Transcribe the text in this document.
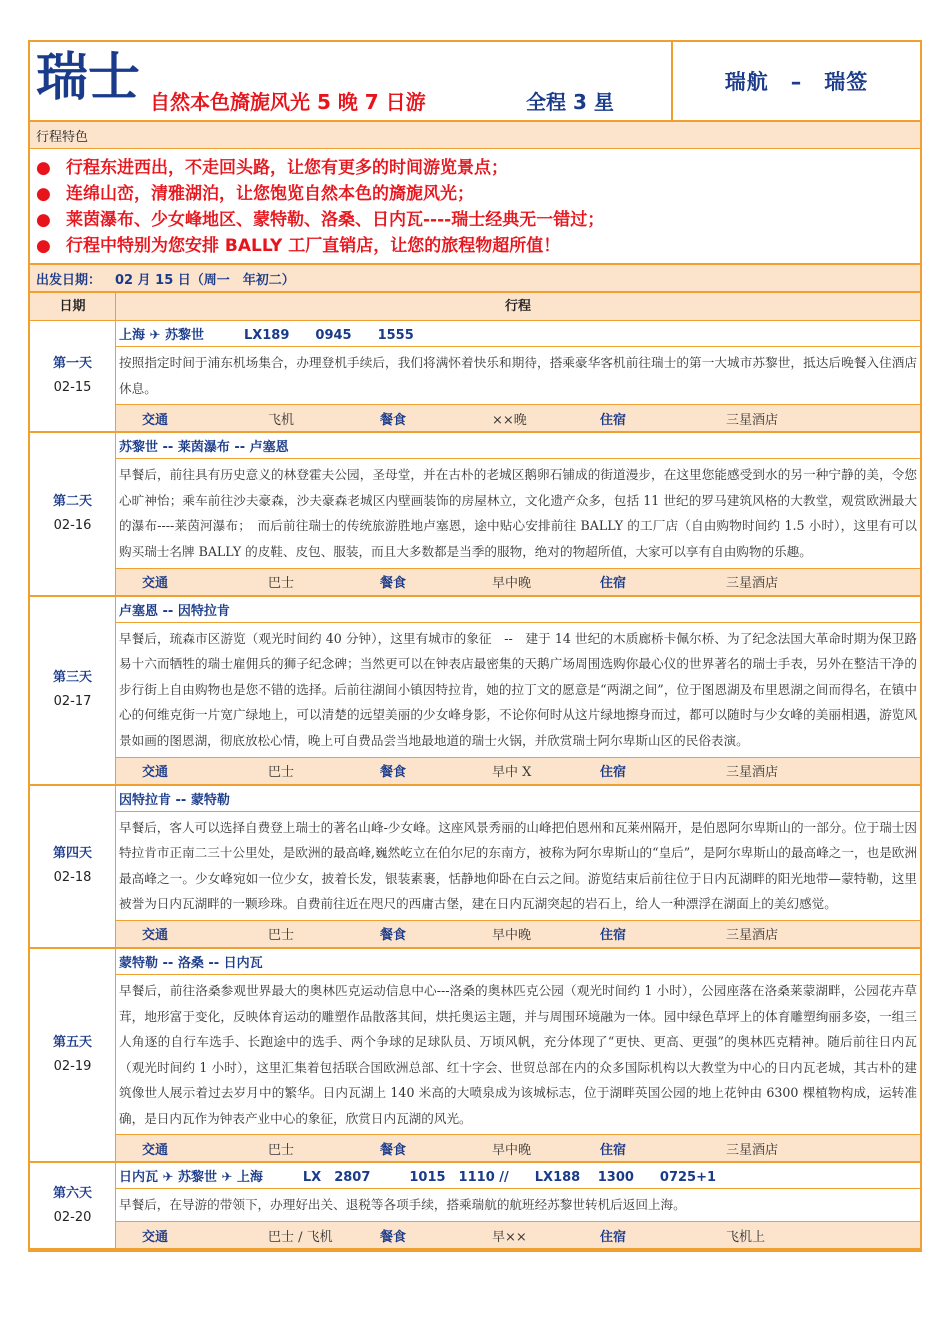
瑞士 自然本色旖旎风光 5 晚 7 日游	全程 3 星
瑞航　–　瑞签
行程特色
● 行程东进西出，不走回头路，让您有更多的时间游览景点；
● 连绵山峦，清雅湖泊，让您饱览自然本色的旖旎风光；
● 莱茵瀑布、少女峰地区、蒙特勒、洛桑、日内瓦----瑞士经典无一错过；
● 行程中特别为您安排 BALLY 工厂直销店，让您的旅程物超所值！
出发日期： 02 月 15 日（周一　年初二）
日期	行程
第一天
02-15
上海 ✈ 苏黎世	LX189　　0945　　1555
按照指定时间于浦东机场集合，办理登机手续后，我们将满怀着快乐和期待，搭乘豪华客机前往瑞士的第一大城市苏黎世，抵达后晚餐入住酒店休息。
交通	飞机	餐食	××晚	住宿	三星酒店
第二天
02-16
苏黎世 -- 莱茵瀑布 -- 卢塞恩
早餐后，前往具有历史意义的林登霍夫公园，圣母堂，并在古朴的老城区鹅卵石铺成的街道漫步，在这里您能感受到水的另一种宁静的美，令您心旷神怡；乘车前往沙夫豪森，沙夫豪森老城区内壁画装饰的房屋林立，文化遗产众多，包括 11 世纪的罗马建筑风格的大教堂，观赏欧洲最大的瀑布----莱茵河瀑布；　而后前往瑞士的传统旅游胜地卢塞恩，途中贴心安排前往 BALLY 的工厂店（自由购物时间约 1.5 小时），这里有可以购买瑞士名牌 BALLY 的皮鞋、皮包、服装，而且大多数都是当季的服物，绝对的物超所值，大家可以享有自由购物的乐趣。
交通	巴士	餐食	早中晚	住宿	三星酒店
第三天
02-17
卢塞恩 -- 因特拉肯
早餐后，琉森市区游览（观光时间约 40 分钟），这里有城市的象征　--　建于 14 世纪的木质廊桥卡佩尔桥、为了纪念法国大革命时期为保卫路易十六而牺牲的瑞士雇佣兵的狮子纪念碑；当然更可以在钟表店最密集的天鹅广场周围选购你最心仪的世界著名的瑞士手表，另外在整洁干净的步行街上自由购物也是您不错的选择。后前往湖间小镇因特拉肯，她的拉丁文的愿意是“两湖之间”，位于图恩湖及布里恩湖之间而得名，在镇中心的何维克街一片宽广绿地上，可以清楚的远望美丽的少女峰身影，不论你何时从这片绿地擦身而过，都可以随时与少女峰的美丽相遇，游览风景如画的图恩湖，彻底放松心情，晚上可自费品尝当地最地道的瑞士火锅，并欣赏瑞士阿尔卑斯山区的民俗表演。
交通	巴士	餐食	早中 X	住宿	三星酒店
第四天
02-18
因特拉肯 -- 蒙特勒
早餐后，客人可以选择自费登上瑞士的著名山峰-少女峰。这座风景秀丽的山峰把伯恩州和瓦莱州隔开，是伯恩阿尔卑斯山的一部分。位于瑞士因特拉肯市正南二三十公里处，是欧洲的最高峰,巍然屹立在伯尔尼的东南方，被称为阿尔卑斯山的“皇后”，是阿尔卑斯山的最高峰之一，也是欧洲最高峰之一。少女峰宛如一位少女，披着长发，银装素裹，恬静地仰卧在白云之间。游览结束后前往位于日内瓦湖畔的阳光地带—蒙特勒，这里被誉为日内瓦湖畔的一颗珍珠。自费前往近在咫尺的西庸古堡，建在日内瓦湖突起的岩石上，给人一种漂浮在湖面上的美幻感觉。
交通	巴士	餐食	早中晚	住宿	三星酒店
第五天
02-19
蒙特勒 -- 洛桑 -- 日内瓦
早餐后，前往洛桑参观世界最大的奥林匹克运动信息中心---洛桑的奥林匹克公园（观光时间约 1 小时），公园座落在洛桑莱蒙湖畔，公园花卉草茸，地形富于变化，反映体育运动的雕塑作品散落其间，烘托奥运主题，并与周围环境融为一体。园中绿色草坪上的体育雕塑绚丽多姿，一组三人角逐的自行车选手、长跑途中的选手、两个争球的足球队员、万顷风帆，充分体现了“更快、更高、更强”的奥林匹克精神。随后前往日内瓦（观光时间约 1 小时），这里汇集着包括联合国欧洲总部、红十字会、世贸总部在内的众多国际机构以大教堂为中心的日内瓦老城，其古朴的建筑像世人展示着过去岁月中的繁华。日内瓦湖上 140 米高的大喷泉成为该城标志，位于湖畔英国公园的地上花钟由 6300 棵植物构成，运转准确，是日内瓦作为钟表产业中心的象征，欣赏日内瓦湖的风光。
交通	巴士	餐食	早中晚	住宿	三星酒店
第六天
02-20
日内瓦 ✈ 苏黎世 ✈ 上海	LX　2807　　　1015　1110 //　　LX188　 1300　　0725+1
早餐后，在导游的带领下，办理好出关、退税等各项手续，搭乘瑞航的航班经苏黎世转机后返回上海。
交通	巴士 / 飞机	餐食	早××	住宿	飞机上
